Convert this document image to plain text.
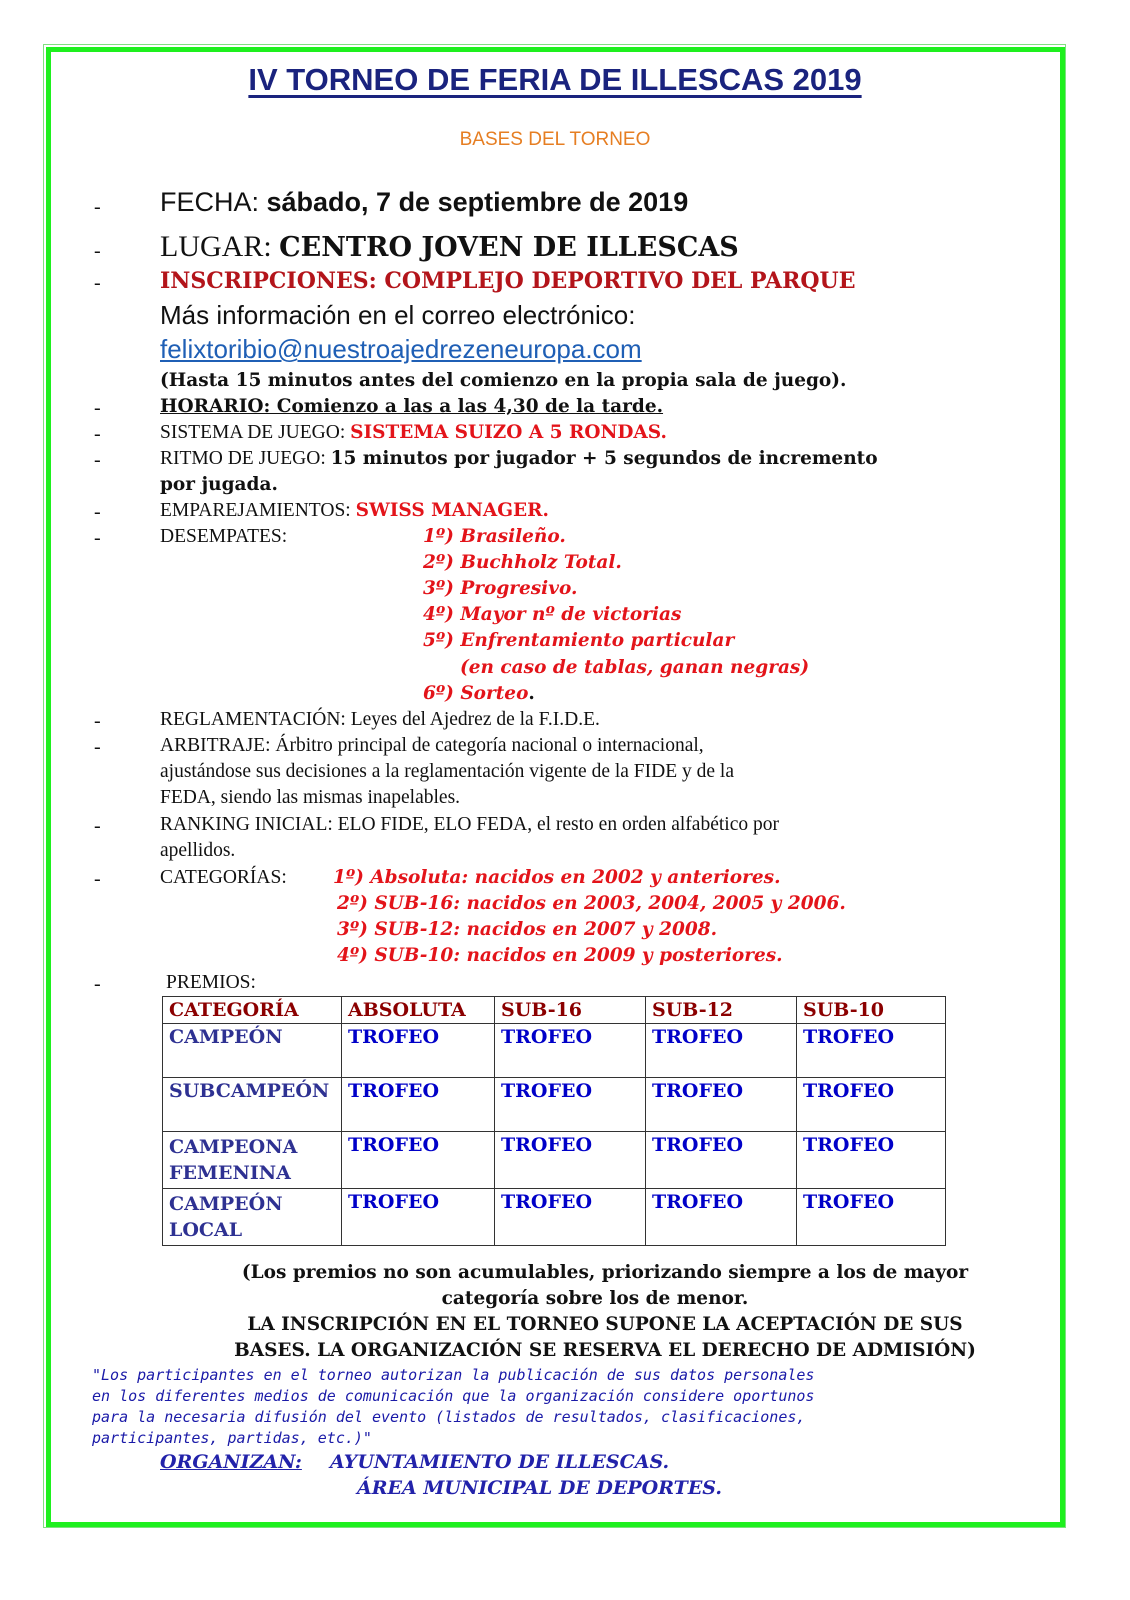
IV TORNEO DE FERIA DE ILLESCAS 2019
BASES DEL TORNEO
- FECHA: sábado, 7 de septiembre de 2019
- LUGAR: CENTRO JOVEN DE ILLESCAS
-	INSCRIPCIONES: COMPLEJO DEPORTIVO DEL PARQUE
Más información en el correo electrónico:
felixtoribio@nuestroajedrezeneuropa.com
(Hasta 15 minutos antes del comienzo en la propia sala de juego).
-	HORARIO: Comienzo a las a las 4,30 de la tarde.
-	SISTEMA DE JUEGO: SISTEMA SUIZO A 5 RONDAS.
-	RITMO DE JUEGO: 15 minutos por jugador + 5 segundos de incremento
por jugada.
-	EMPAREJAMIENTOS: SWISS MANAGER.
-	DESEMPATES:	1º) Brasileño.
2º) Buchholz Total.
3º) Progresivo.
4º) Mayor nº de victorias
5º) Enfrentamiento particular
(en caso de tablas, ganan negras)
6º) Sorteo.
-	REGLAMENTACIÓN: Leyes del Ajedrez de la F.I.D.E.
-	ARBITRAJE: Árbitro principal de categoría nacional o internacional,
ajustándose sus decisiones a la reglamentación vigente de la FIDE y de la
FEDA, siendo las mismas inapelables.
-	RANKING INICIAL: ELO FIDE, ELO FEDA, el resto en orden alfabético por
apellidos.
-	CATEGORÍAS: 1º) Absoluta: nacidos en 2002 y anteriores.
2º) SUB-16: nacidos en 2003, 2004, 2005 y 2006.
3º) SUB-12: nacidos en 2007 y 2008.
4º) SUB-10: nacidos en 2009 y posteriores.
-	PREMIOS:
CATEGORÍA	ABSOLUTA	SUB-16	SUB-12	SUB-10
CAMPEÓN	TROFEO	TROFEO	TROFEO	TROFEO
SUBCAMPEÓN	TROFEO	TROFEO	TROFEO	TROFEO
CAMPEONA FEMENINA	TROFEO	TROFEO	TROFEO	TROFEO
CAMPEÓN LOCAL	TROFEO	TROFEO	TROFEO	TROFEO
(Los premios no son acumulables, priorizando siempre a los de mayor
categoría sobre los de menor.
LA INSCRIPCIÓN EN EL TORNEO SUPONE LA ACEPTACIÓN DE SUS
BASES. LA ORGANIZACIÓN SE RESERVA EL DERECHO DE ADMISIÓN)
"Los participantes en el torneo autorizan la publicación de sus datos personales
en los diferentes medios de comunicación que la organización considere oportunos
para la necesaria difusión del evento (listados de resultados, clasificaciones,
participantes, partidas, etc.)"
ORGANIZAN: AYUNTAMIENTO DE ILLESCAS.
ÁREA MUNICIPAL DE DEPORTES.
